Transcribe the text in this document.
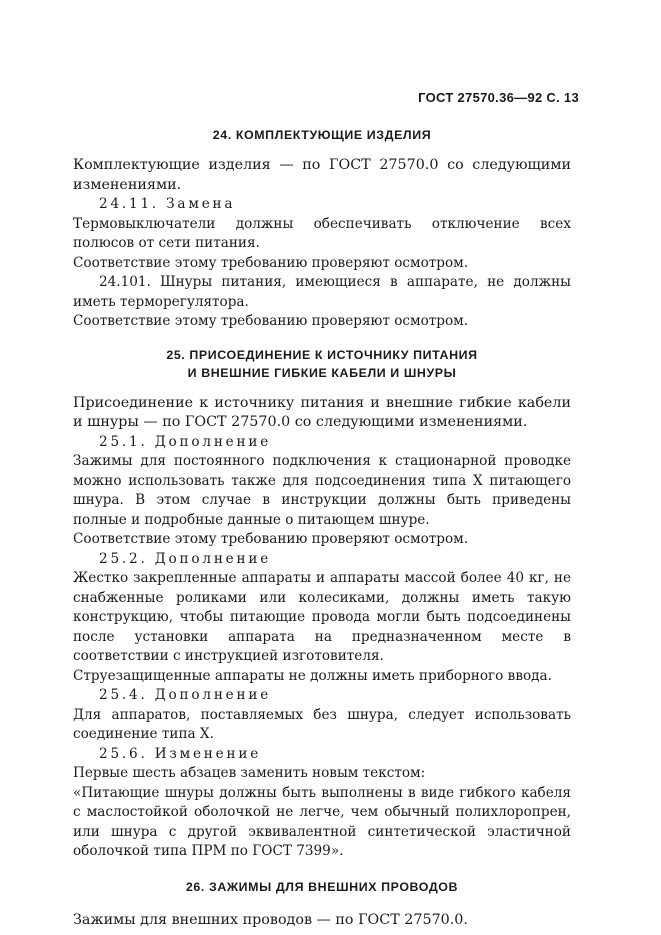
ГОСТ 27570.36—92 С. 13
24. КОМПЛЕКТУЮЩИЕ ИЗДЕЛИЯ

Комплектующие изделия — по ГОСТ 27570.0 со следующими изменениями.

24.11. Замена

Термовыключатели должны обеспечивать отключение всех полюсов от сети питания.

Соответствие этому требованию проверяют осмотром.

24.101. Шнуры питания, имеющиеся в аппарате, не должны иметь терморегулятора.

Соответствие этому требованию проверяют осмотром.

25. ПРИСОЕДИНЕНИЕ К ИСТОЧНИКУ ПИТАНИЯ
И ВНЕШНИЕ ГИБКИЕ КАБЕЛИ И ШНУРЫ

Присоединение к источнику питания и внешние гибкие кабели и шнуры — по ГОСТ 27570.0 со следующими изменениями.

25.1. Дополнение

Зажимы для постоянного подключения к стационарной проводке можно использовать также для подсоединения типа X питающего шнура. В этом случае в инструкции должны быть приведены полные и подробные данные о питающем шнуре.

Соответствие этому требованию проверяют осмотром.

25.2. Дополнение

Жестко закрепленные аппараты и аппараты массой более 40 кг, не снабженные роликами или колесиками, должны иметь такую конструкцию, чтобы питающие провода могли быть подсоединены после установки аппарата на предназначенном месте в соответствии с инструкцией изготовителя.

Струезащищенные аппараты не должны иметь приборного ввода.

25.4. Дополнение

Для аппаратов, поставляемых без шнура, следует использовать соединение типа X.

25.6. Изменение

Первые шесть абзацев заменить новым текстом:

«Питающие шнуры должны быть выполнены в виде гибкого кабеля с маслостойкой оболочкой не легче, чем обычный полихлоропрен, или шнура с другой эквивалентной синтетической эластичной оболочкой типа ПРМ по ГОСТ 7399».

26. ЗАЖИМЫ ДЛЯ ВНЕШНИХ ПРОВОДОВ

Зажимы для внешних проводов — по ГОСТ 27570.0.
